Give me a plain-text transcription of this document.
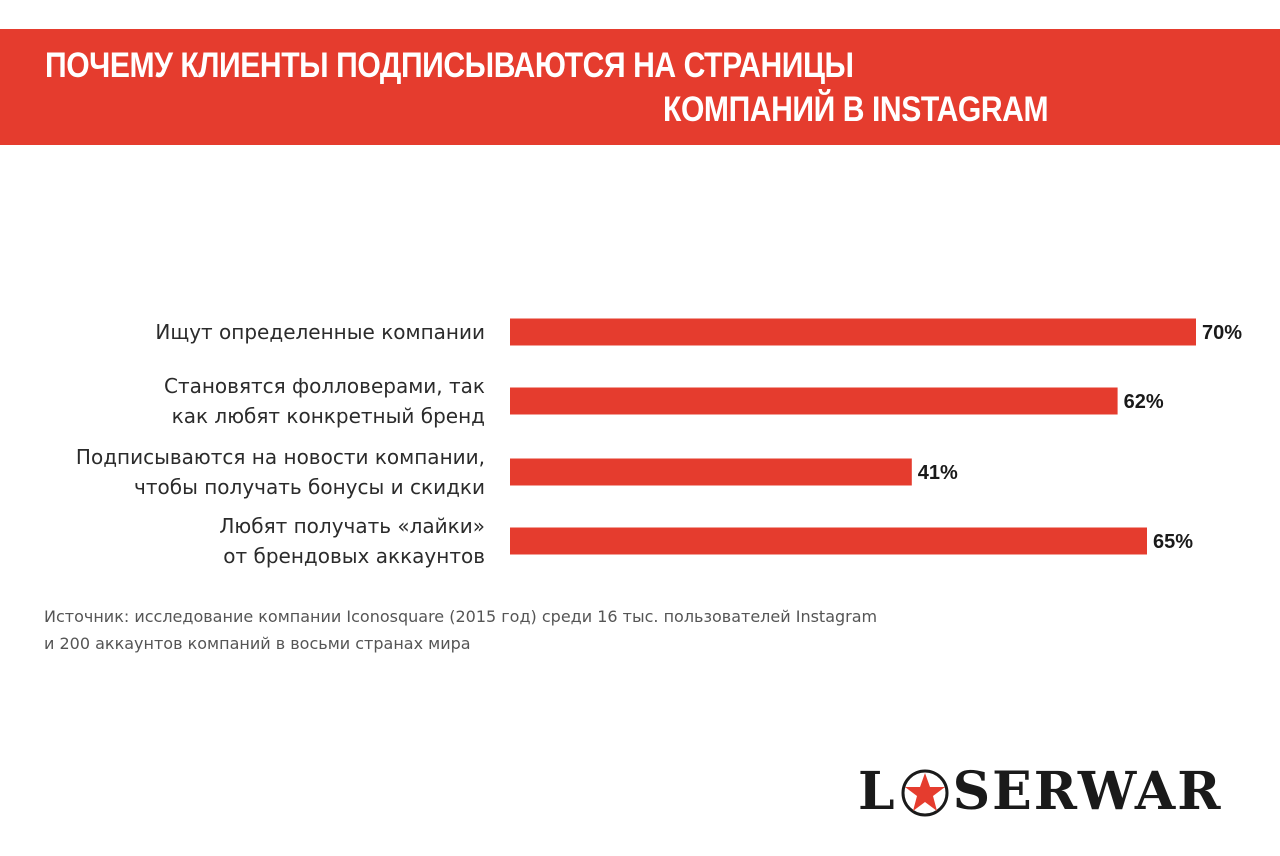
ПОЧЕМУ КЛИЕНТЫ ПОДПИСЫВАЮТСЯ НА СТРАНИЦЫ
КОМПАНИЙ В INSTAGRAM
70%
Ищут определенные компании
62%
Становятся фолловерами, так
как любят конкретный бренд
41%
Подписываются на новости компании,
чтобы получать бонусы и скидки
65%
Любят получать «лайки»
от брендовых аккаунтов
Источник: исследование компании Iconosquare (2015 год) среди 16 тыс. пользователей Instagram
и 200 аккаунтов компаний в восьми странах мира
L SERWAR
